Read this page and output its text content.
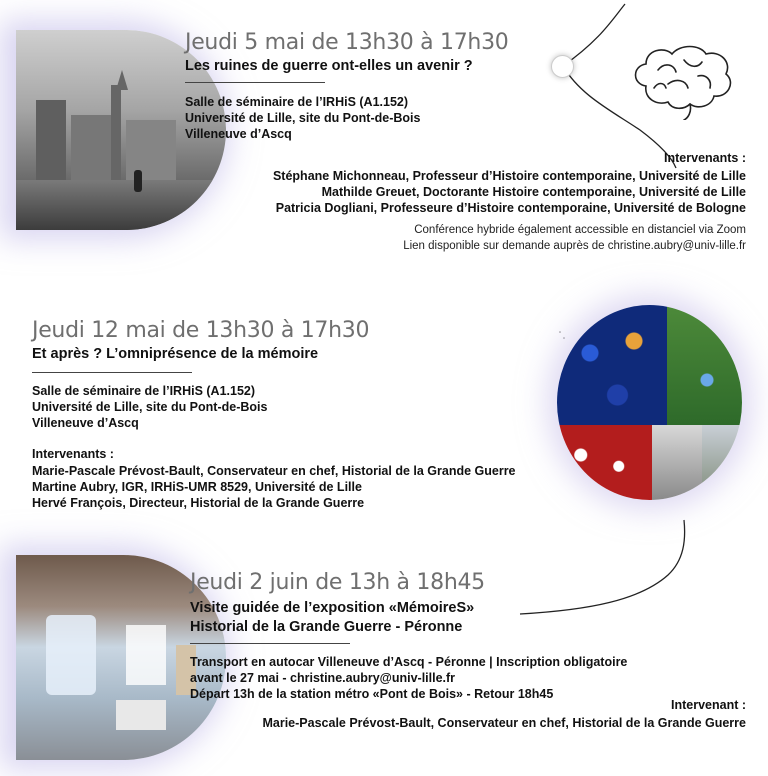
Jeudi 5 mai de 13h30 à 17h30
Les ruines de guerre ont-elles un avenir ?
Salle de séminaire de l’IRHiS (A1.152)
Université de Lille, site du Pont-de-Bois
Villeneuve d’Ascq
Intervenants :
Stéphane Michonneau, Professeur d’Histoire contemporaine, Université de Lille
Mathilde Greuet, Doctorante Histoire contemporaine, Université de Lille
Patricia Dogliani, Professeure d’Histoire contemporaine, Université de Bologne
Conférence hybride également accessible en distanciel via Zoom
Lien disponible sur demande auprès de christine.aubry@univ-lille.fr
Jeudi 12 mai de 13h30 à 17h30
Et après ? L’omniprésence de la mémoire
Salle de séminaire de l’IRHiS (A1.152)
Université de Lille, site du Pont-de-Bois
Villeneuve d’Ascq
Intervenants :
Marie-Pascale Prévost-Bault, Conservateur en chef, Historial de la Grande Guerre
Martine Aubry, IGR, IRHiS-UMR 8529, Université de Lille
Hervé François, Directeur, Historial de la Grande Guerre
Jeudi 2 juin de 13h à 18h45
Visite guidée de l’exposition «MémoireS»
Historial de la Grande Guerre - Péronne
Transport en autocar Villeneuve d’Ascq - Péronne | Inscription obligatoire
avant le 27 mai - christine.aubry@univ-lille.fr
Départ 13h de la station métro «Pont de Bois» - Retour 18h45
Intervenant :
Marie-Pascale Prévost-Bault, Conservateur en chef, Historial de la Grande Guerre
